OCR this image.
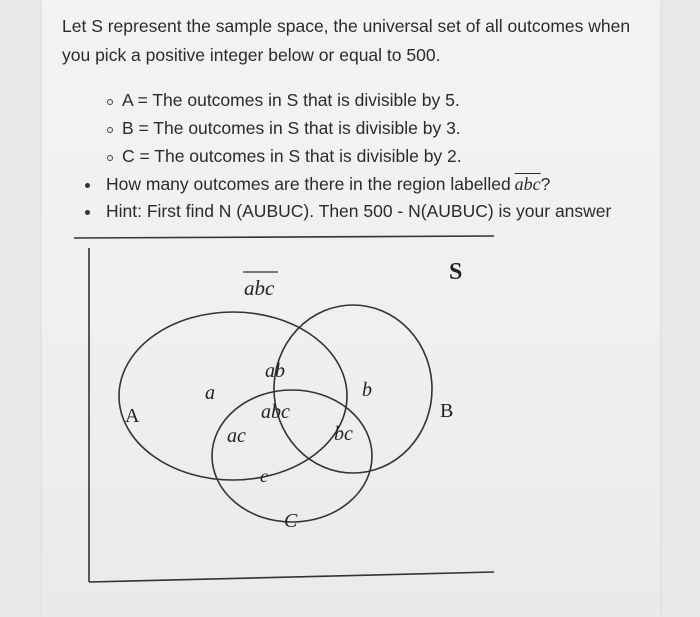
Let S represent the sample space, the universal set of all outcomes when you pick a positive integer below or equal to 500.

A = The outcomes in S that is divisible by 5.
B = The outcomes in S that is divisible by 3.
C = The outcomes in S that is divisible by 2.
How many outcomes are there in the region labelled $\overline{abc}$?
Hint: First find N (AUBUC). Then 500 - N(AUBUC) is your answer
S
abc
A	B
C
a	b
c
ab
ac	bc
abc
